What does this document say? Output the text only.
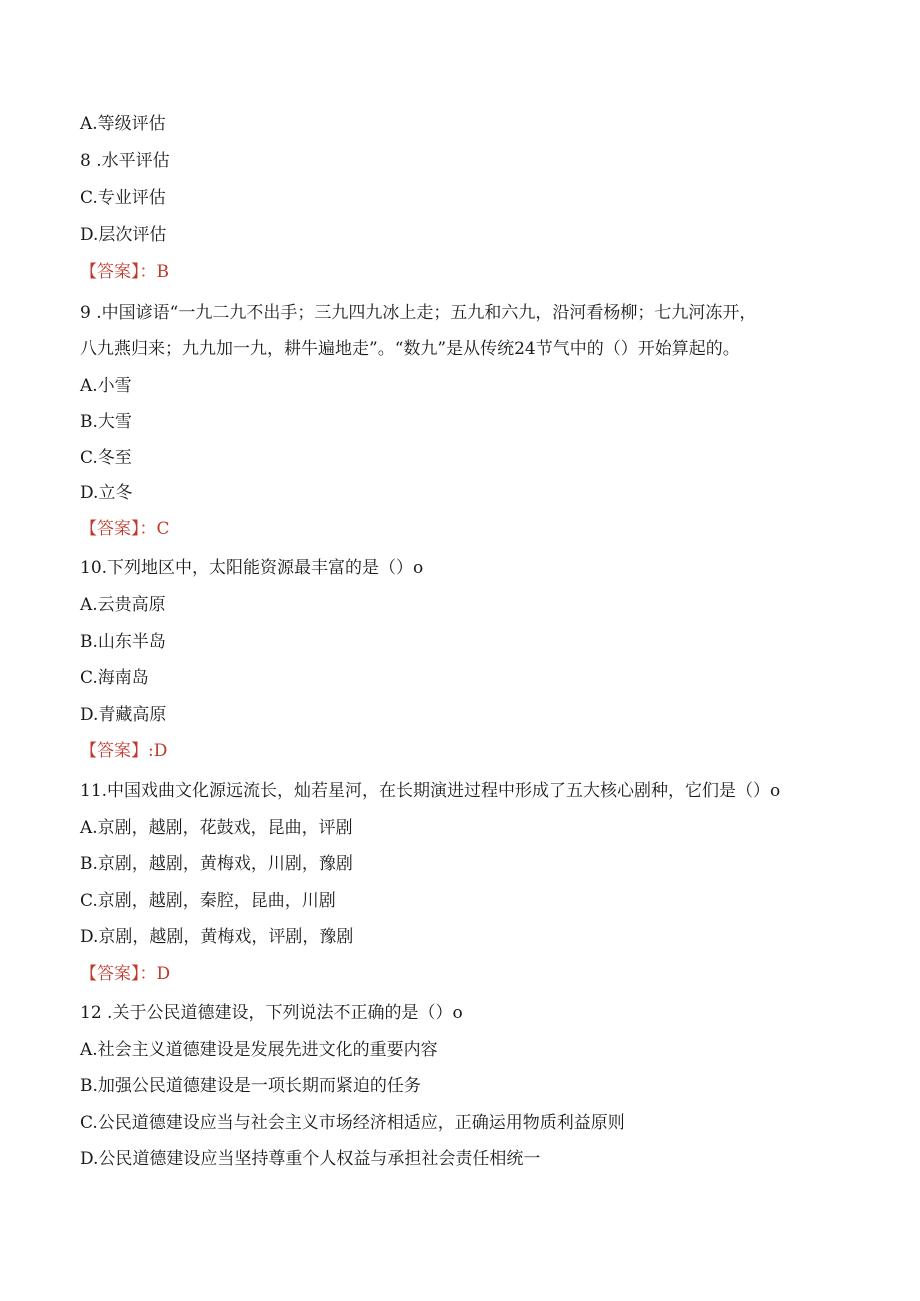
A.等级评估
8 .水平评估
C.专业评估
D.层次评估
【答案】：B
9 .中国谚语“一九二九不出手；三九四九冰上走；五九和六九，沿河看杨柳；七九河冻开，
八九燕归来；九九加一九，耕牛遍地走”。“数九”是从传统24节气中的（）开始算起的。
A.小雪
B.大雪
C.冬至
D.立冬
【答案】：C
10.下列地区中，太阳能资源最丰富的是（）o
A.云贵高原
B.山东半岛
C.海南岛
D.青藏高原
【答案】:D
11.中国戏曲文化源远流长，灿若星河，在长期演进过程中形成了五大核心剧种，它们是（）o
A.京剧，越剧，花鼓戏，昆曲，评剧
B.京剧，越剧，黄梅戏，川剧，豫剧
C.京剧，越剧，秦腔，昆曲，川剧
D.京剧，越剧，黄梅戏，评剧，豫剧
【答案】：D
12 .关于公民道德建设，下列说法不正确的是（）o
A.社会主义道德建设是发展先进文化的重要内容
B.加强公民道德建设是一项长期而紧迫的任务
C.公民道德建设应当与社会主义市场经济相适应，正确运用物质利益原则
D.公民道德建设应当坚持尊重个人权益与承担社会责任相统一
